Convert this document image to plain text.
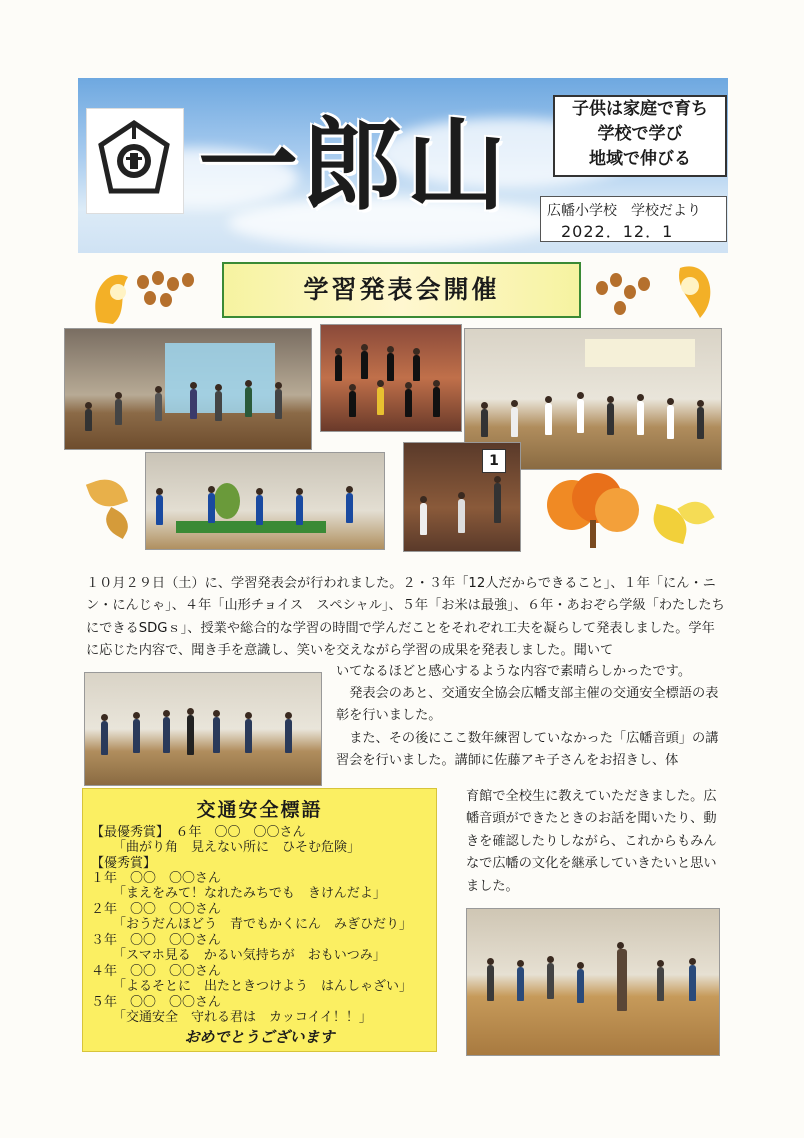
一郎山	子供は家庭で育ち
学校で学び
地域で伸びる
広幡小学校　学校だより
2022．12．1
学習発表会開催
1

１０月２９日（土）に、学習発表会が行われました。２・３年「12人だからできること」、１年「にん・ニン・にんじゃ」、４年「山形チョイス　スペシャル」、５年「お米は最強」、６年・あおぞら学級「わたしたちにできるSDGｓ」、授業や総合的な学習の時間で学んだことをそれぞれ工夫を凝らして発表しました。学年に応じた内容で、聞き手を意識し、笑いを交えながら学習の成果を発表しました。聞いて

いてなるほどと感心するような内容で素晴らしかったです。
発表会のあと、交通安全協会広幡支部主催の交通安全標語の表彰を行いました。
また、その後にここ数年練習していなかった「広幡音頭」の講習会を行いました。講師に佐藤アキ子さんをお招きし、体
育館で全校生に教えていただきました。広幡音頭ができたときのお話を聞いたり、動きを確認したりしながら、これからもみんなで広幡の文化を継承していきたいと思いました。
交通安全標語
【最優秀賞】　６年　〇〇　〇〇さん
「曲がり角　見えない所に　ひそむ危険」
【優秀賞】
１年　〇〇　〇〇さん
「まえをみて！なれたみちでも　きけんだよ」
２年　〇〇　〇〇さん
「おうだんほどう　青でもかくにん　みぎひだり」
３年　〇〇　〇〇さん
「スマホ見る　かるい気持ちが　おもいつみ」
４年　〇〇　〇〇さん
「よるそとに　出たときつけよう　はんしゃざい」
５年　〇〇　〇〇さん
「交通安全　守れる君は　カッコイイ！！」
おめでとうございます
